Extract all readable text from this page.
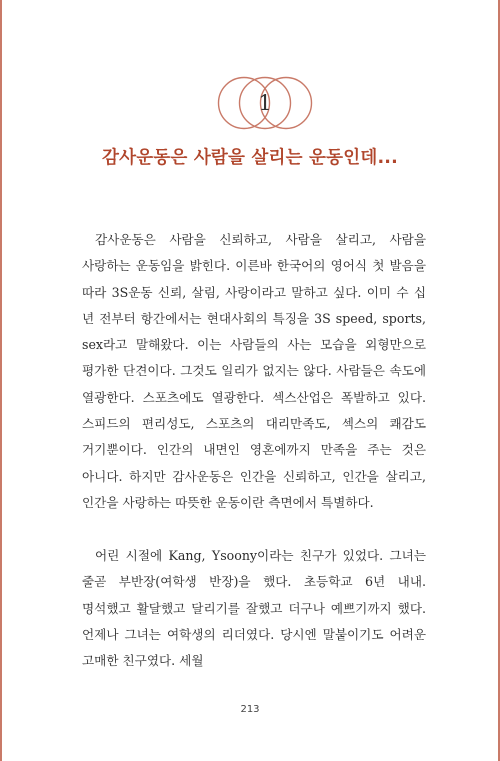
1
감사운동은 사람을 살리는 운동인데...

감사운동은 사람을 신뢰하고, 사람을 살리고, 사람을 사랑하는 운동임을 밝힌다. 이른바 한국어의 영어식 첫 발음을 따라 3S운동 신뢰, 살림, 사랑이라고 말하고 싶다. 이미 수 십 년 전부터 항간에서는 현대사회의 특징을 3S speed, sports, sex라고 말해왔다. 이는 사람들의 사는 모습을 외형만으로 평가한 단견이다. 그것도 일리가 없지는 않다. 사람들은 속도에 열광한다. 스포츠에도 열광한다. 섹스산업은 폭발하고 있다. 스피드의 편리성도, 스포츠의 대리만족도, 섹스의 쾌감도 거기뿐이다. 인간의 내면인 영혼에까지 만족을 주는 것은 아니다. 하지만 감사운동은 인간을 신뢰하고, 인간을 살리고, 인간을 사랑하는 따뜻한 운동이란 측면에서 특별하다.

어린 시절에 Kang, Ysoony이라는 친구가 있었다. 그녀는 줄곧 부반장(여학생 반장)을 했다. 초등학교 6년 내내. 명석했고 활달했고 달리기를 잘했고 더구나 예쁘기까지 했다. 언제나 그녀는 여학생의 리더였다. 당시엔 말붙이기도 어려운 고매한 친구였다. 세월

213
